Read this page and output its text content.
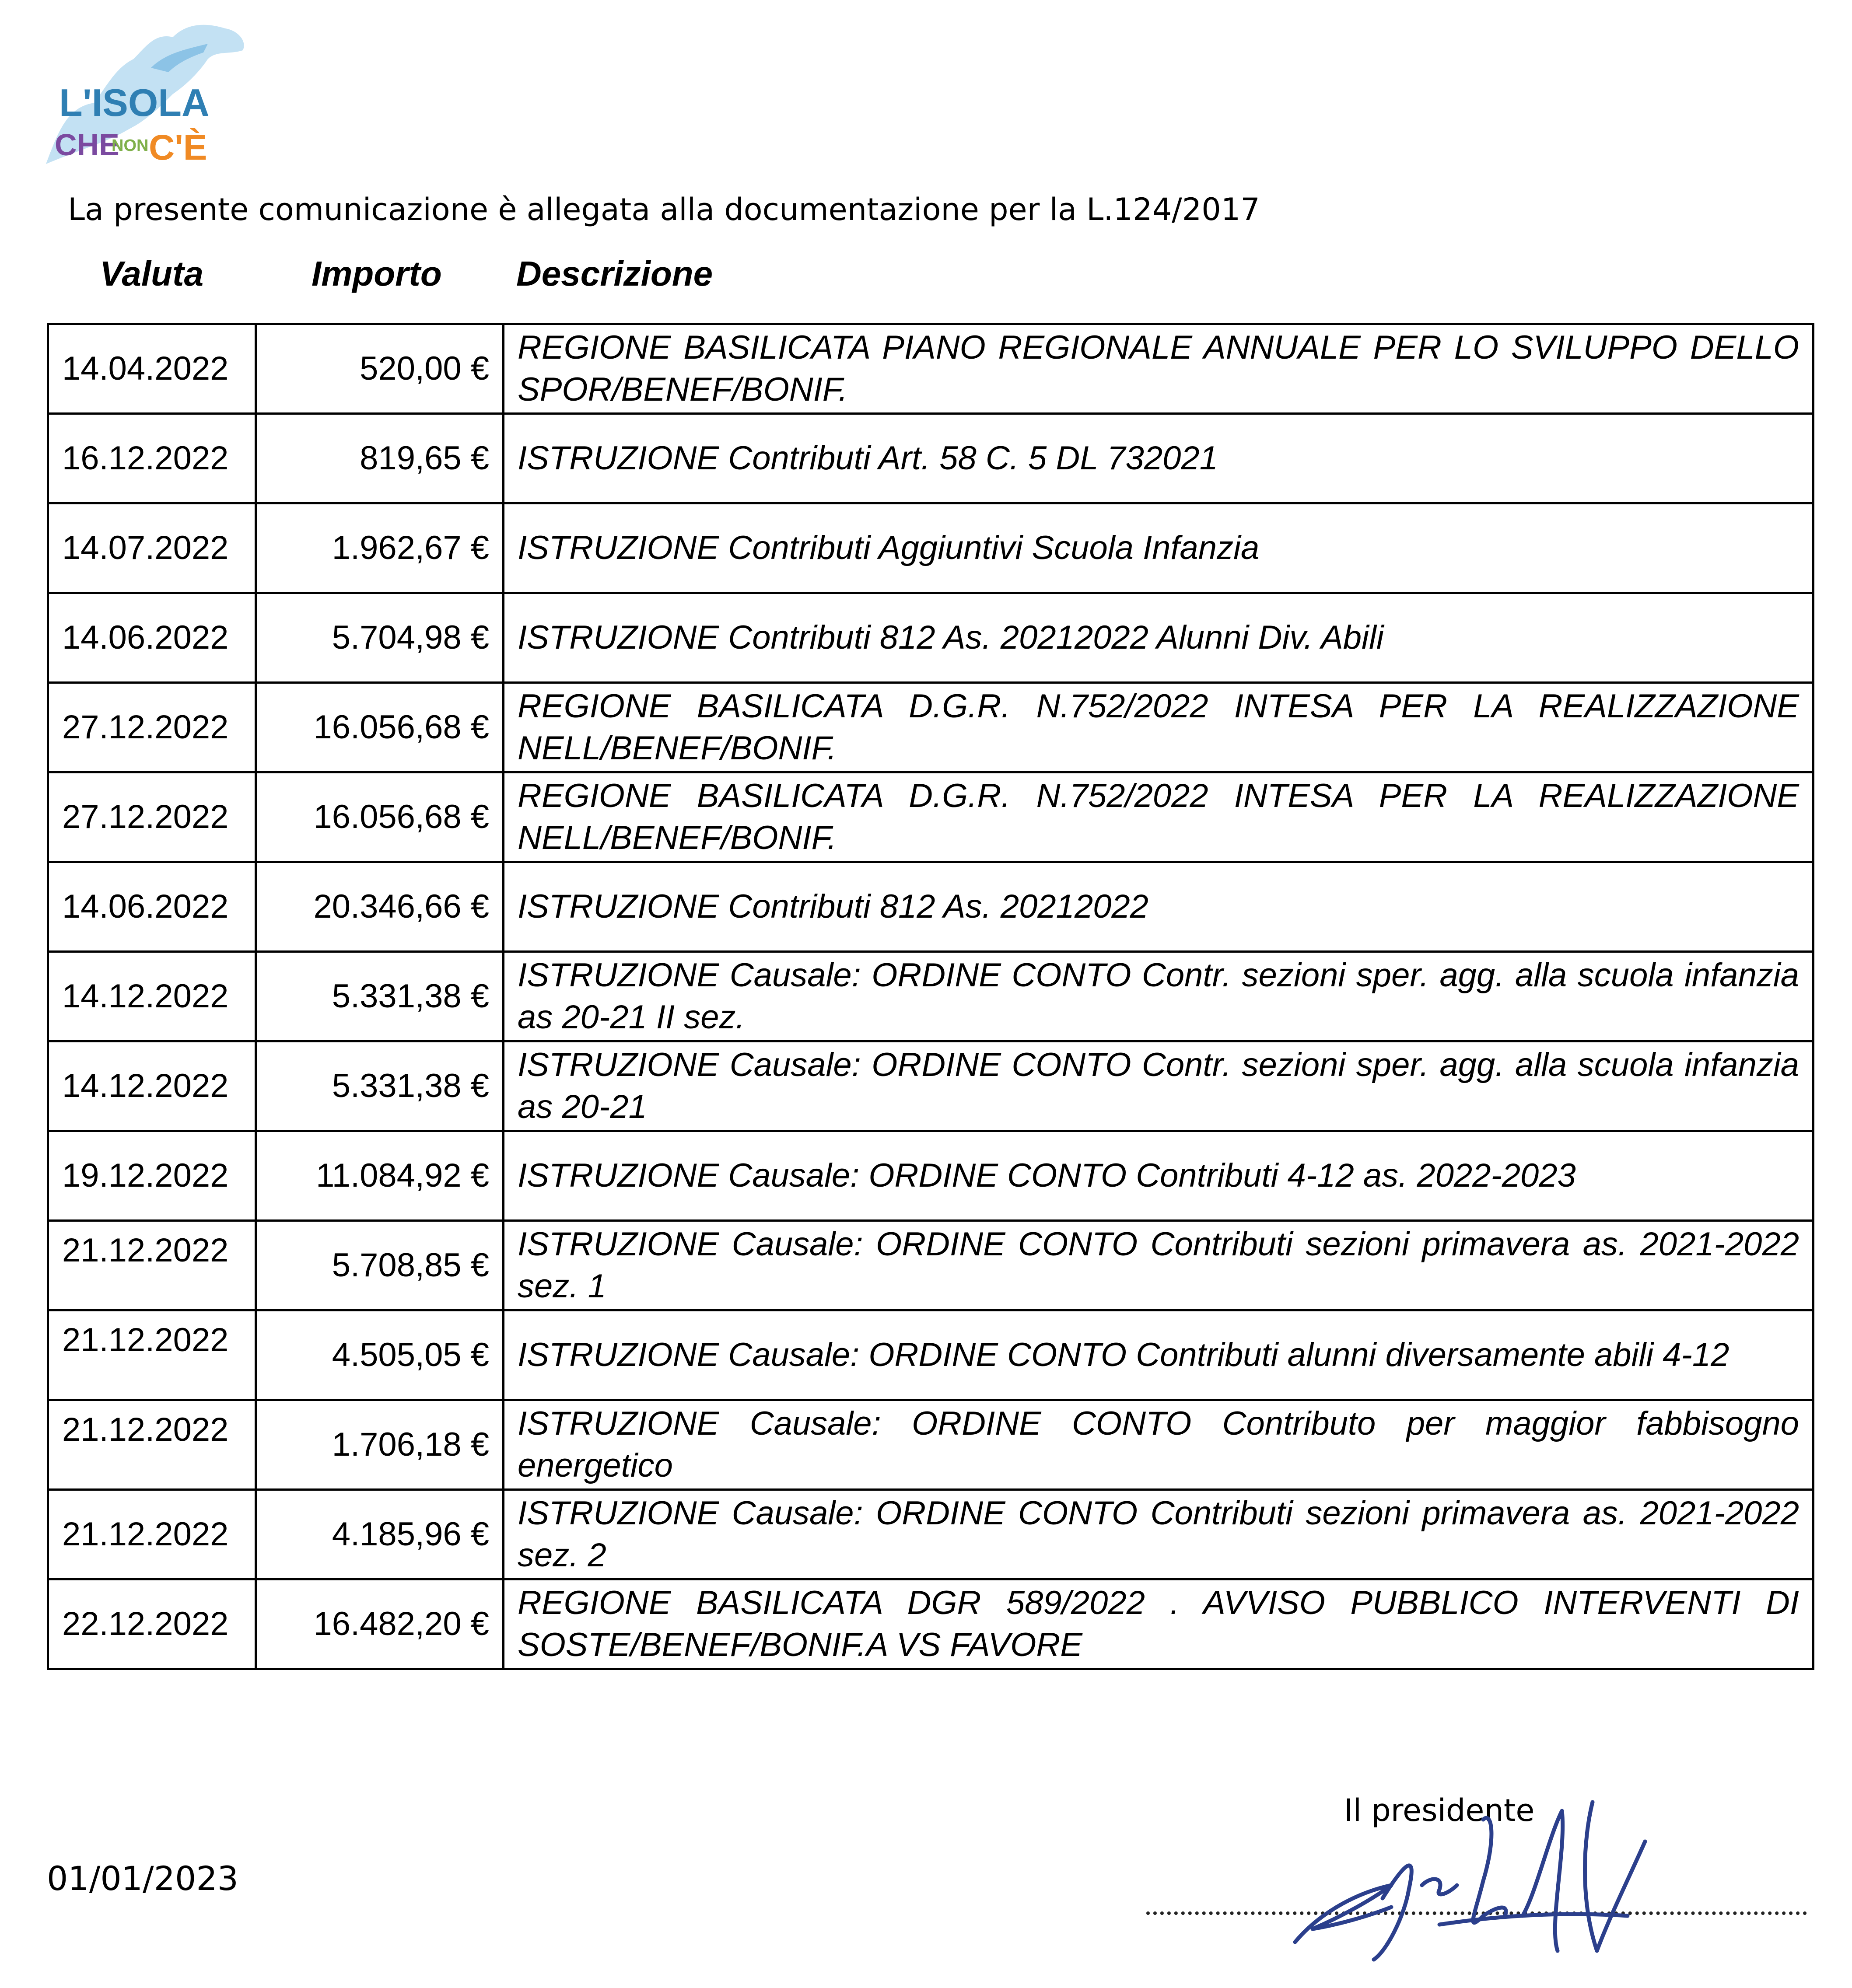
L'ISOLA
CHE
NON C'È
La presente comunicazione è allegata alla documentazione per la L.124/2017
Valuta	Importo Descrizione
14.04.2022	520,00 €	REGIONE BASILICATA PIANO REGIONALE ANNUALE PER LO SVILUPPO DELLO SPOR/BENEF/BONIF.
16.12.2022	819,65 €	ISTRUZIONE Contributi Art. 58 C. 5 DL 732021
14.07.2022	1.962,67 €	ISTRUZIONE Contributi Aggiuntivi Scuola Infanzia
14.06.2022	5.704,98 €	ISTRUZIONE Contributi 812 As. 20212022 Alunni Div. Abili
27.12.2022	16.056,68 €	REGIONE BASILICATA D.G.R. N.752/2022 INTESA PER LA REALIZZAZIONE NELL/BENEF/BONIF.
27.12.2022	16.056,68 €	REGIONE BASILICATA D.G.R. N.752/2022 INTESA PER LA REALIZZAZIONE NELL/BENEF/BONIF.
14.06.2022	20.346,66 €	ISTRUZIONE Contributi 812 As. 20212022
14.12.2022	5.331,38 €	ISTRUZIONE Causale: ORDINE CONTO Contr. sezioni sper. agg. alla scuola infanzia as 20-21 II sez.
14.12.2022	5.331,38 €	ISTRUZIONE Causale: ORDINE CONTO Contr. sezioni sper. agg. alla scuola infanzia as 20-21
19.12.2022	11.084,92 €	ISTRUZIONE Causale: ORDINE CONTO Contributi 4-12 as. 2022-2023
21.12.2022	5.708,85 €	ISTRUZIONE Causale: ORDINE CONTO Contributi sezioni primavera as. 2021-2022 sez. 1
21.12.2022	4.505,05 €	ISTRUZIONE Causale: ORDINE CONTO Contributi alunni diversamente abili 4-12
21.12.2022	1.706,18 €	ISTRUZIONE Causale: ORDINE CONTO Contributo per maggior fabbisogno energetico
21.12.2022	4.185,96 €	ISTRUZIONE Causale: ORDINE CONTO Contributi sezioni primavera as. 2021-2022 sez. 2
22.12.2022	16.482,20 €	REGIONE BASILICATA DGR 589/2022 . AVVISO PUBBLICO INTERVENTI DI SOSTE/BENEF/BONIF.A VS FAVORE
01/01/2023
Il presidente
